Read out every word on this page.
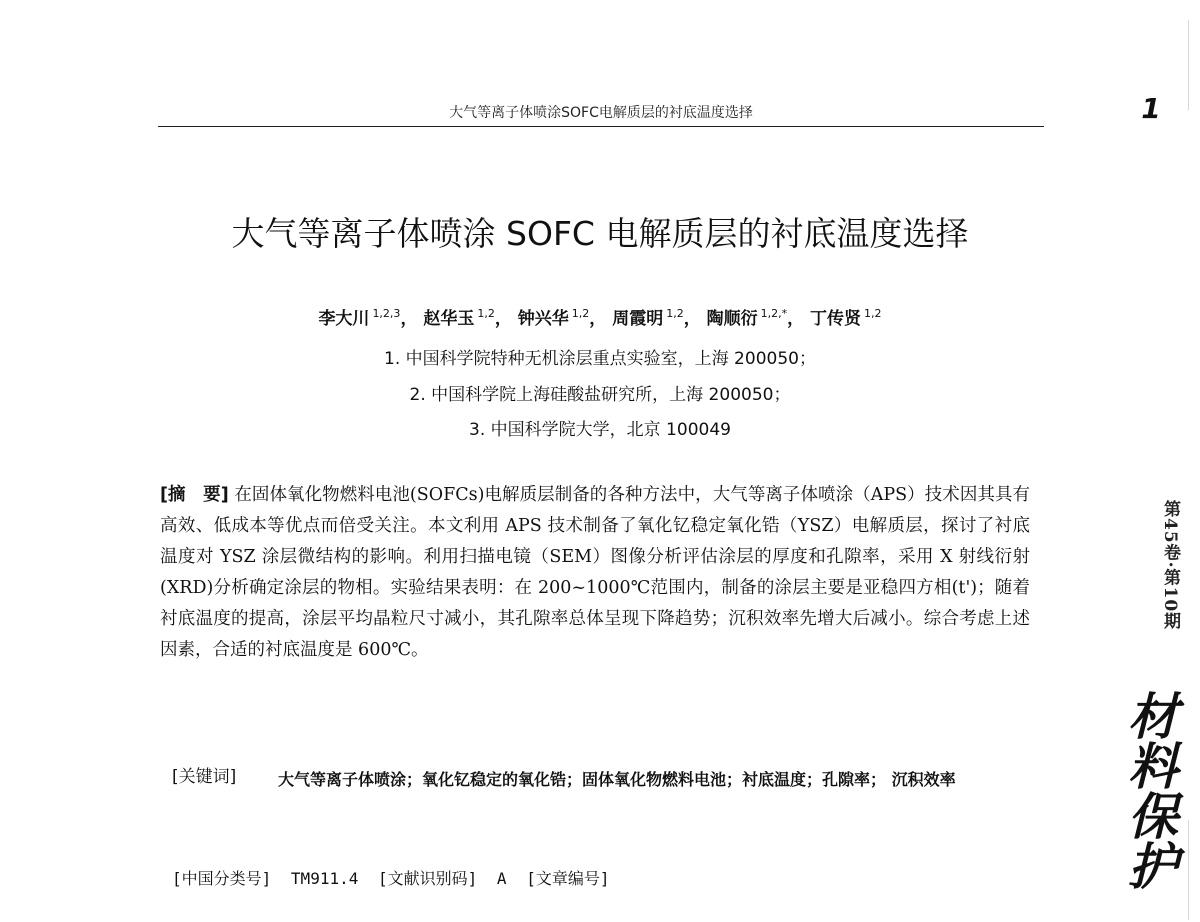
大气等离子体喷涂SOFC电解质层的衬底温度选择	1
大气等离子体喷涂 SOFC 电解质层的衬底温度选择
李大川 $^{1,2,3}$， 赵华玉 $^{1,2}$， 钟兴华 $^{1,2}$， 周霞明 $^{1,2}$， 陶顺衍 $^{1,2,*}$， 丁传贤 $^{1,2}$
1. 中国科学院特种无机涂层重点实验室，上海 200050；
2. 中国科学院上海硅酸盐研究所，上海 200050；
3. 中国科学院大学，北京 100049
[摘　要] 在固体氧化物燃料电池(SOFCs)电解质层制备的各种方法中，大气等离子体喷涂（APS）技术因其具有高效、低成本等优点而倍受关注。本文利用 APS 技术制备了氧化钇稳定氧化锆（YSZ）电解质层，探讨了衬底温度对 YSZ 涂层微结构的影响。利用扫描电镜（SEM）图像分析评估涂层的厚度和孔隙率，采用 X 射线衍射(XRD)分析确定涂层的物相。实验结果表明：在 200~1000℃范围内，制备的涂层主要是亚稳四方相(t')；随着衬底温度的提高，涂层平均晶粒尺寸减小，其孔隙率总体呈现下降趋势；沉积效率先增大后减小。综合考虑上述因素，合适的衬底温度是 600℃。
[关键词]	大气等离子体喷涂；氧化钇稳定的氧化锆；固体氧化物燃料电池；衬底温度；孔隙率； 沉积效率
[中国分类号] TM911.4 [文献识别码] A [文章编号]
第45卷·第10期
材料保护
